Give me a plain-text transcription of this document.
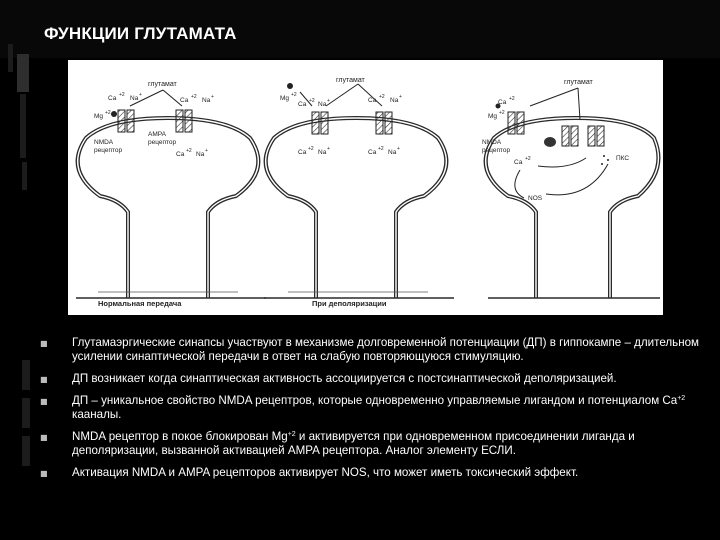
ФУНКЦИИ ГЛУТАМАТА
глутамат
Ca +2 Na +
Ca +2 Na +
Mg +2
NMDA
рецептор
AMPA
рецептор
Ca +2 Na +
Нормальная передача
глутамат
Mg +2
Ca +2 Na +	Ca +2 Na +
Ca +2 Na +	Ca +2 Na +
При деполяризации
глутамат
Ca +2
Mg +2
NMDA
рецептор
Ca +2	ПКС
NOS
■ Глутамаэргические синапсы участвуют в механизме долговременной потенциации (ДП) в гиппокампе – длительном усилении синаптической передачи в ответ на слабую повторяющуюся стимуляцию.
■ ДП возникает когда синаптическая активность ассоциируется с постсинаптической деполяризацией.
■ ДП – уникальное свойство NMDA рецептров, которые одновременно управляемые лигандом и потенциалом $Ca^{+2}$ кааналы.
■ NMDA рецептор в покое блокирован $Mg^{+2}$ и активируется при одновременном присоединении лиганда и деполяризации, вызванной активацией AMPA рецептора. Аналог элементу ЕСЛИ.
■ Активация NMDA и AMPA рецепторов активирует NOS, что может иметь токсический эффект.
